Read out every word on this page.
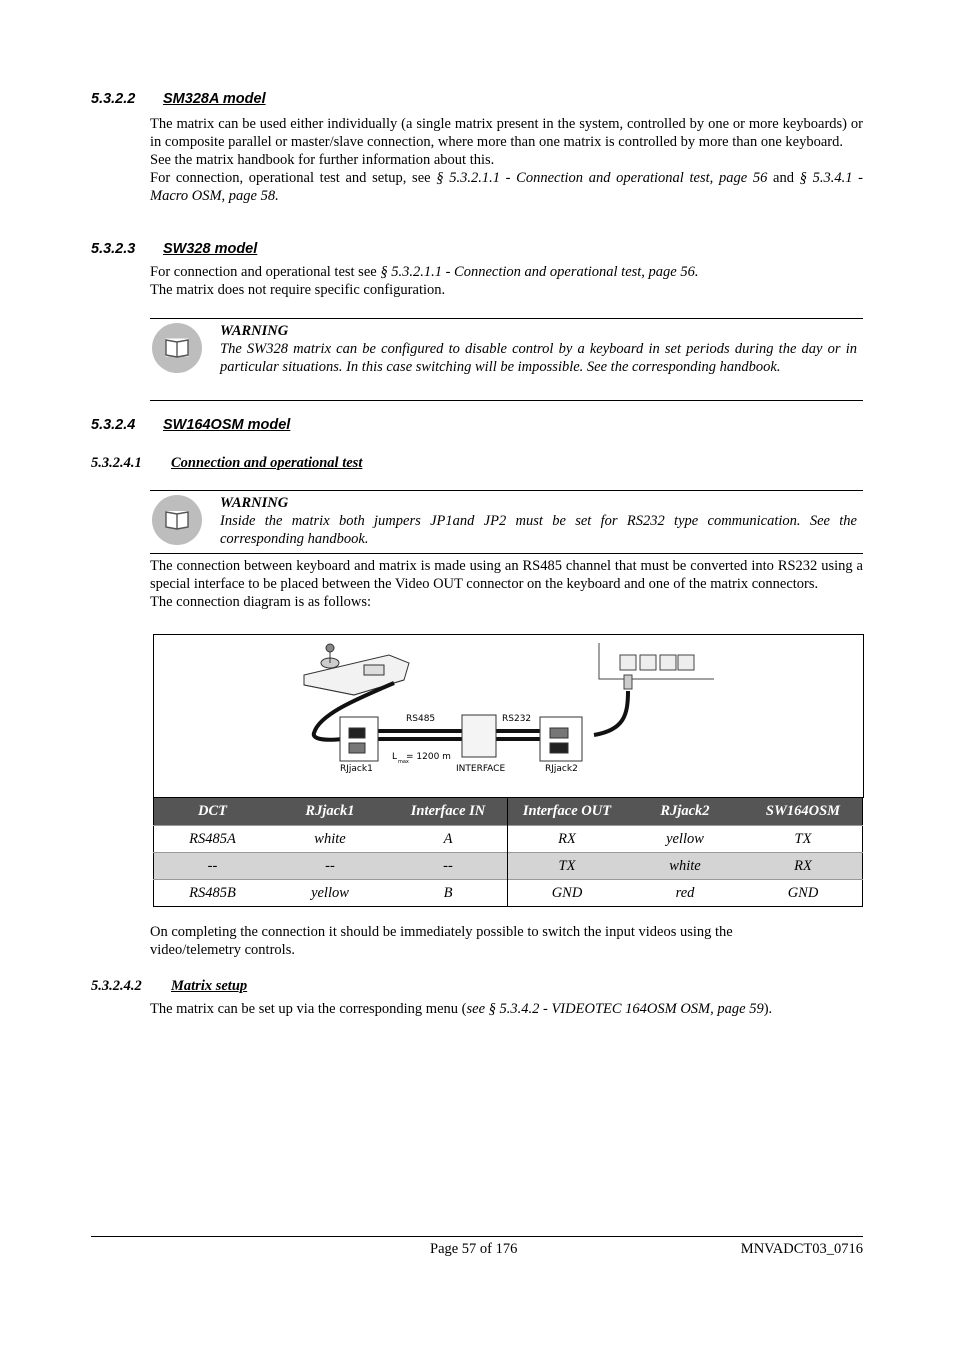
5.3.2.2 SM328A model

The matrix can be used either individually (a single matrix present in the system, controlled by one or more keyboards) or in composite parallel or master/slave connection, where more than one matrix is controlled by more than one keyboard.

See the matrix handbook for further information about this.

For connection, operational test and setup, see § 5.3.2.1.1 - Connection and operational test, page 56 and § 5.3.4.1 - Macro OSM, page 58.

5.3.2.3 SW328 model

For connection and operational test see § 5.3.2.1.1 - Connection and operational test, page 56.

The matrix does not require specific configuration.

WARNING
The SW328 matrix can be configured to disable control by a keyboard in set periods during the day or in particular situations. In this case switching will be impossible. See the corresponding handbook.
5.3.2.4 SW164OSM model
5.3.2.4.1 Connection and operational test
WARNING
Inside the matrix both jumpers JP1and JP2 must be set for RS232 type communication. See the corresponding handbook.

The connection between keyboard and matrix is made using an RS485 channel that must be converted into RS232 using a special interface to be placed between the Video OUT connector on the keyboard and one of the matrix connectors.

The connection diagram is as follows:

RS485	RS232
L max
= 1200 m
INTERFACE
RJjack1	RJjack2
DCT	RJjack1	Interface IN	Interface OUT	RJjack2	SW164OSM
RS485A	white	A	RX	yellow	TX
--	--	--	TX	white	RX
RS485B	yellow	B	GND	red	GND

On completing the connection it should be immediately possible to switch the input videos using the video/telemetry controls.

5.3.2.4.2 Matrix setup

The matrix can be set up via the corresponding menu (see § 5.3.4.2 - VIDEOTEC 164OSM OSM, page 59).

Page 57 of 176	MNVADCT03_0716
